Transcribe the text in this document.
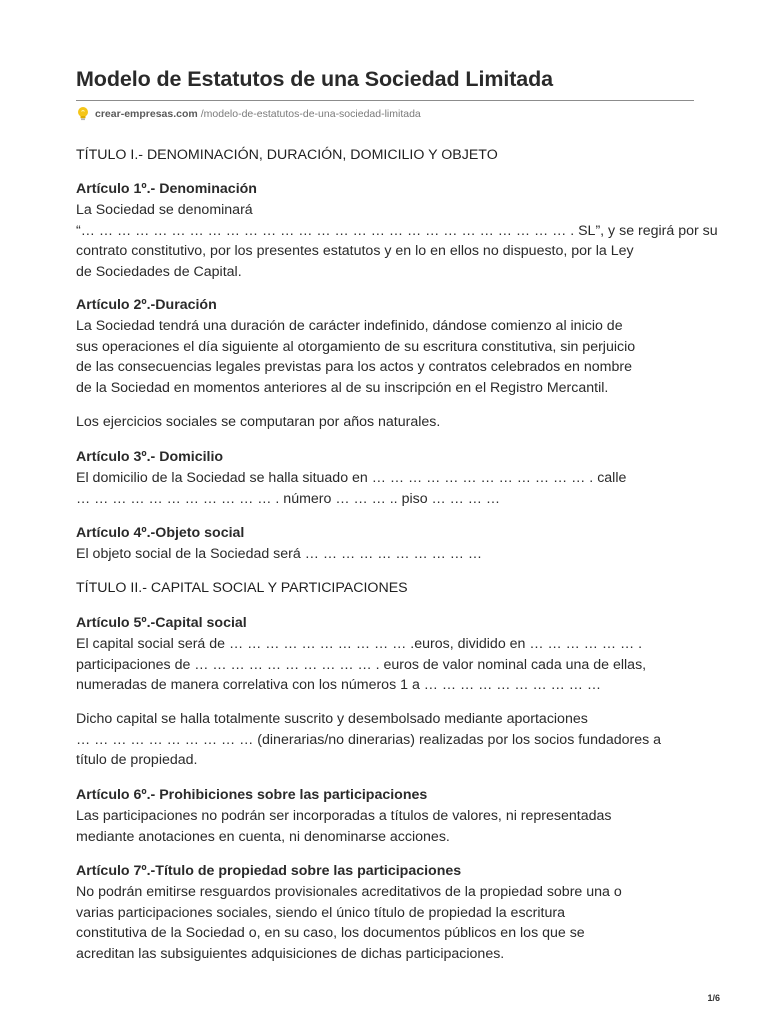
Modelo de Estatutos de una Sociedad Limitada
crear-empresas.com /modelo-de-estatutos-de-una-sociedad-limitada

TÍTULO I.- DENOMINACIÓN, DURACIÓN, DOMICILIO Y OBJETO

Artículo 1º.- Denominación

La Sociedad se denominará
“… … … … … … … … … … … … … … … … … … … … … … … … … … … . SL”, y se regirá por su
contrato constitutivo, por los presentes estatutos y en lo en ellos no dispuesto, por la Ley
de Sociedades de Capital.

Artículo 2º.-Duración

La Sociedad tendrá una duración de carácter indefinido, dándose comienzo al inicio de
sus operaciones el día siguiente al otorgamiento de su escritura constitutiva, sin perjuicio
de las consecuencias legales previstas para los actos y contratos celebrados en nombre
de la Sociedad en momentos anteriores al de su inscripción en el Registro Mercantil.

Los ejercicios sociales se computaran por años naturales.

Artículo 3º.- Domicilio

El domicilio de la Sociedad se halla situado en … … … … … … … … … … … … . calle
… … … … … … … … … … … . número … … … .. piso … … … …

Artículo 4º.-Objeto social

El objeto social de la Sociedad será … … … … … … … … … …

TÍTULO II.- CAPITAL SOCIAL Y PARTICIPACIONES

Artículo 5º.-Capital social

El capital social será de … … … … … … … … … … .euros, dividido en … … … … … … .
participaciones de … … … … … … … … … … . euros de valor nominal cada una de ellas,
numeradas de manera correlativa con los números 1 a … … … … … … … … … …

Dicho capital se halla totalmente suscrito y desembolsado mediante aportaciones
… … … … … … … … … … (dinerarias/no dinerarias) realizadas por los socios fundadores a
título de propiedad.

Artículo 6º.- Prohibiciones sobre las participaciones

Las participaciones no podrán ser incorporadas a títulos de valores, ni representadas
mediante anotaciones en cuenta, ni denominarse acciones.

Artículo 7º.-Título de propiedad sobre las participaciones

No podrán emitirse resguardos provisionales acreditativos de la propiedad sobre una o
varias participaciones sociales, siendo el único título de propiedad la escritura
constitutiva de la Sociedad o, en su caso, los documentos públicos en los que se
acreditan las subsiguientes adquisiciones de dichas participaciones.

1/6
